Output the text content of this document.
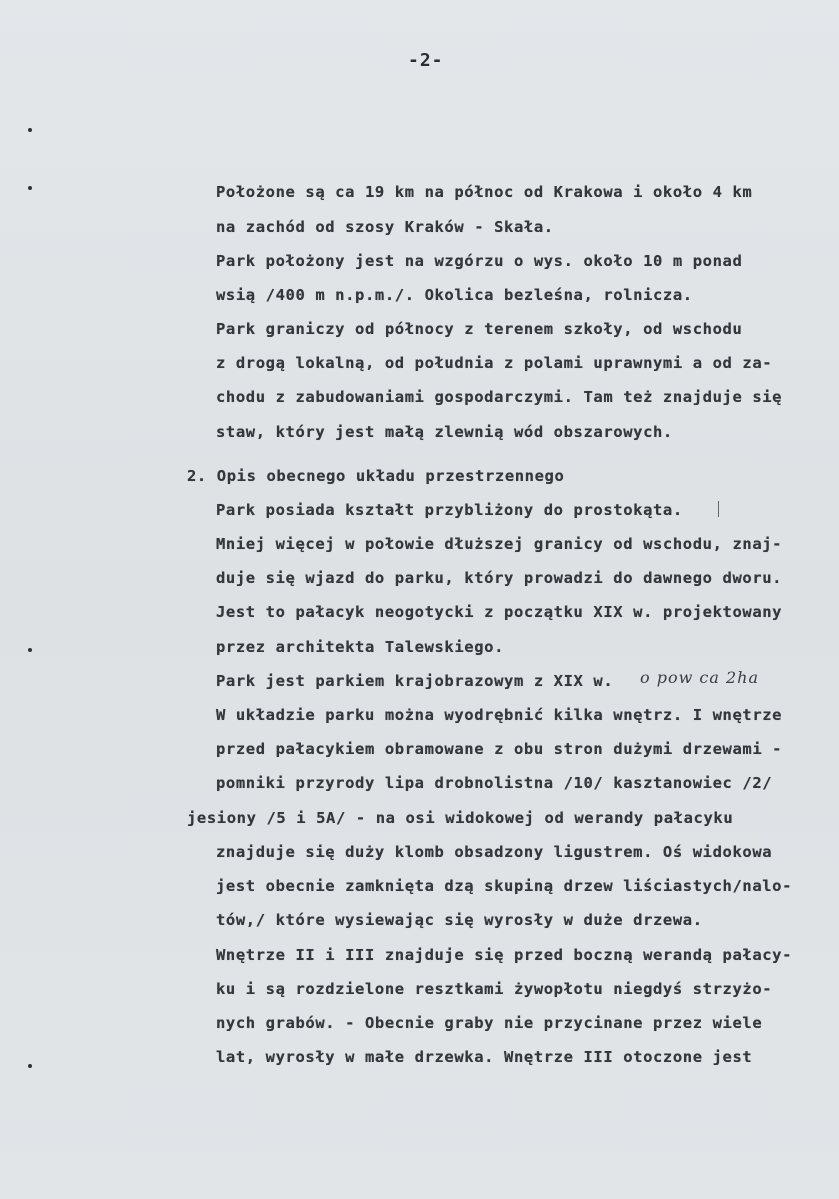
-2-
Położone są ca 19 km na północ od Krakowa i około 4 km
na zachód od szosy Kraków - Skała.
Park położony jest na wzgórzu o wys. około 10 m ponad
wsią /400 m n.p.m./. Okolica bezleśna, rolnicza.
Park graniczy od północy z terenem szkoły, od wschodu
z drogą lokalną, od południa z polami uprawnymi a od za-
chodu z zabudowaniami gospodarczymi. Tam też znajduje się
staw, który jest małą zlewnią wód obszarowych.
2. Opis obecnego układu przestrzennego
Park posiada kształt przybliżony do prostokąta.
Mniej więcej w połowie dłuższej granicy od wschodu, znaj-
duje się wjazd do parku, który prowadzi do dawnego dworu.
Jest to pałacyk neogotycki z początku XIX w. projektowany
przez architekta Talewskiego.
Park jest parkiem krajobrazowym z XIX w. o pow ca 2ha
W układzie parku można wyodrębnić kilka wnętrz. I wnętrze
przed pałacykiem obramowane z obu stron dużymi drzewami -
pomniki przyrody lipa drobnolistna /10/ kasztanowiec /2/
jesiony /5 i 5A/ - na osi widokowej od werandy pałacyku
znajduje się duży klomb obsadzony ligustrem. Oś widokowa
jest obecnie zamknięta dzą skupiną drzew liściastych/nalo-
tów,/ które wysiewając się wyrosły w duże drzewa.
Wnętrze II i III znajduje się przed boczną werandą pałacy-
ku i są rozdzielone resztkami żywopłotu niegdyś strzyżo-
nych grabów. - Obecnie graby nie przycinane przez wiele
lat, wyrosły w małe drzewka. Wnętrze III otoczone jest
